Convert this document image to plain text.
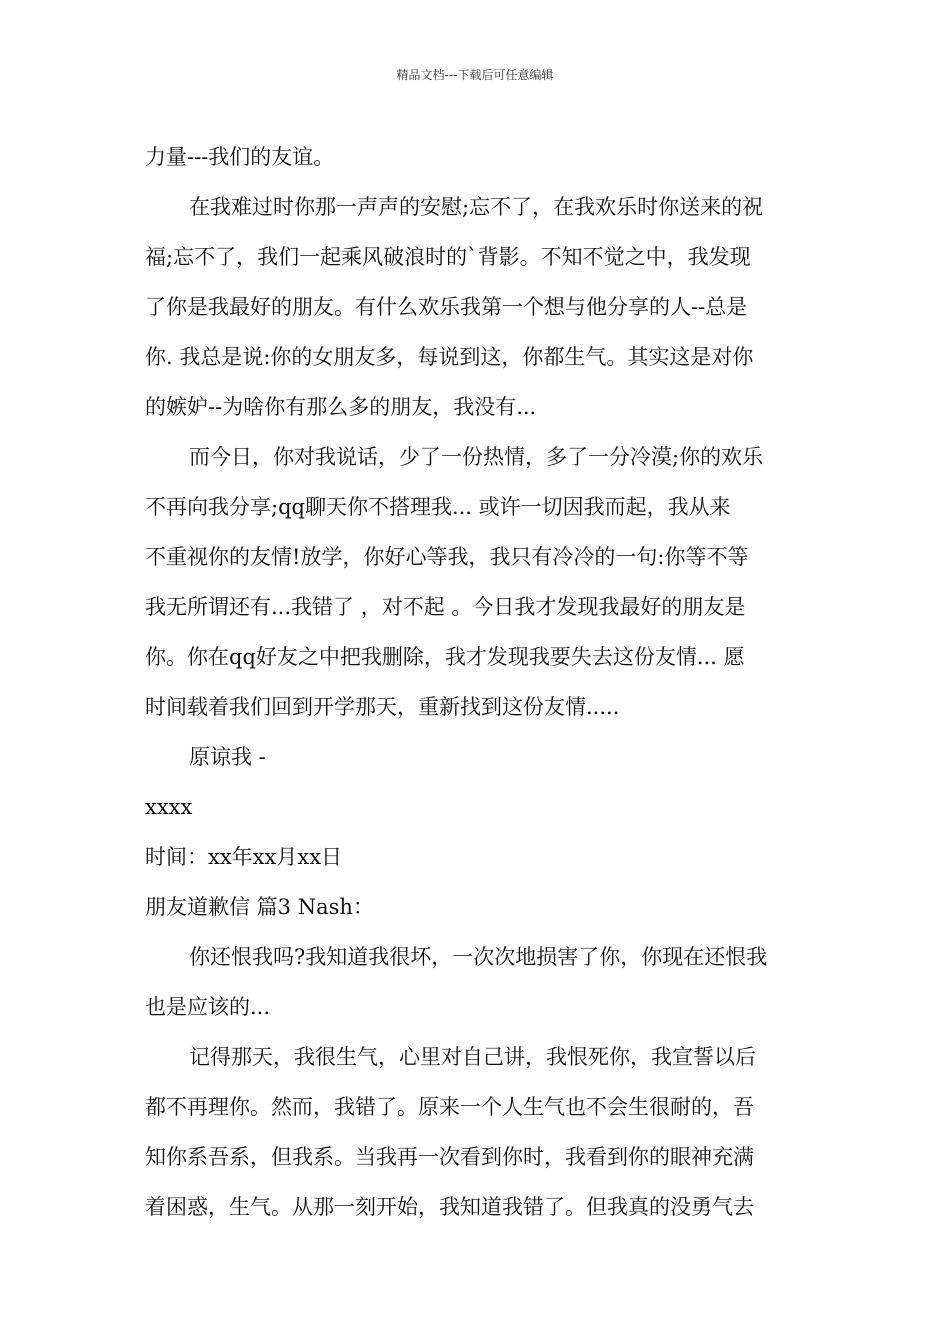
精品文档---下载后可任意编辑

力量---我们的友谊。

在我难过时你那一声声的安慰;忘不了，在我欢乐时你送来的祝
福;忘不了，我们一起乘风破浪时的`背影。不知不觉之中，我发现
了你是我最好的朋友。有什么欢乐我第一个想与他分享的人--总是
你. 我总是说:你的女朋友多，每说到这，你都生气。其实这是对你
的嫉妒--为啥你有那么多的朋友，我没有...

而今日，你对我说话，少了一份热情，多了一分冷漠;你的欢乐
不再向我分享;qq聊天你不搭理我... 或许一切因我而起，我从来
不重视你的友情!放学，你好心等我，我只有冷冷的一句:你等不等
我无所谓还有...我错了 ，对不起 。今日我才发现我最好的朋友是
你。你在qq好友之中把我删除，我才发现我要失去这份友情... 愿
时间载着我们回到开学那天，重新找到这份友情.....

原谅我 -

xxxx

时间：xx年xx月xx日

朋友道歉信 篇3 Nash：

你还恨我吗?我知道我很坏，一次次地损害了你，你现在还恨我
也是应该的...

记得那天，我很生气，心里对自己讲，我恨死你，我宣誓以后
都不再理你。然而，我错了。原来一个人生气也不会生很耐的，吾
知你系吾系，但我系。当我再一次看到你时，我看到你的眼神充满
着困惑，生气。从那一刻开始，我知道我错了。但我真的没勇气去
